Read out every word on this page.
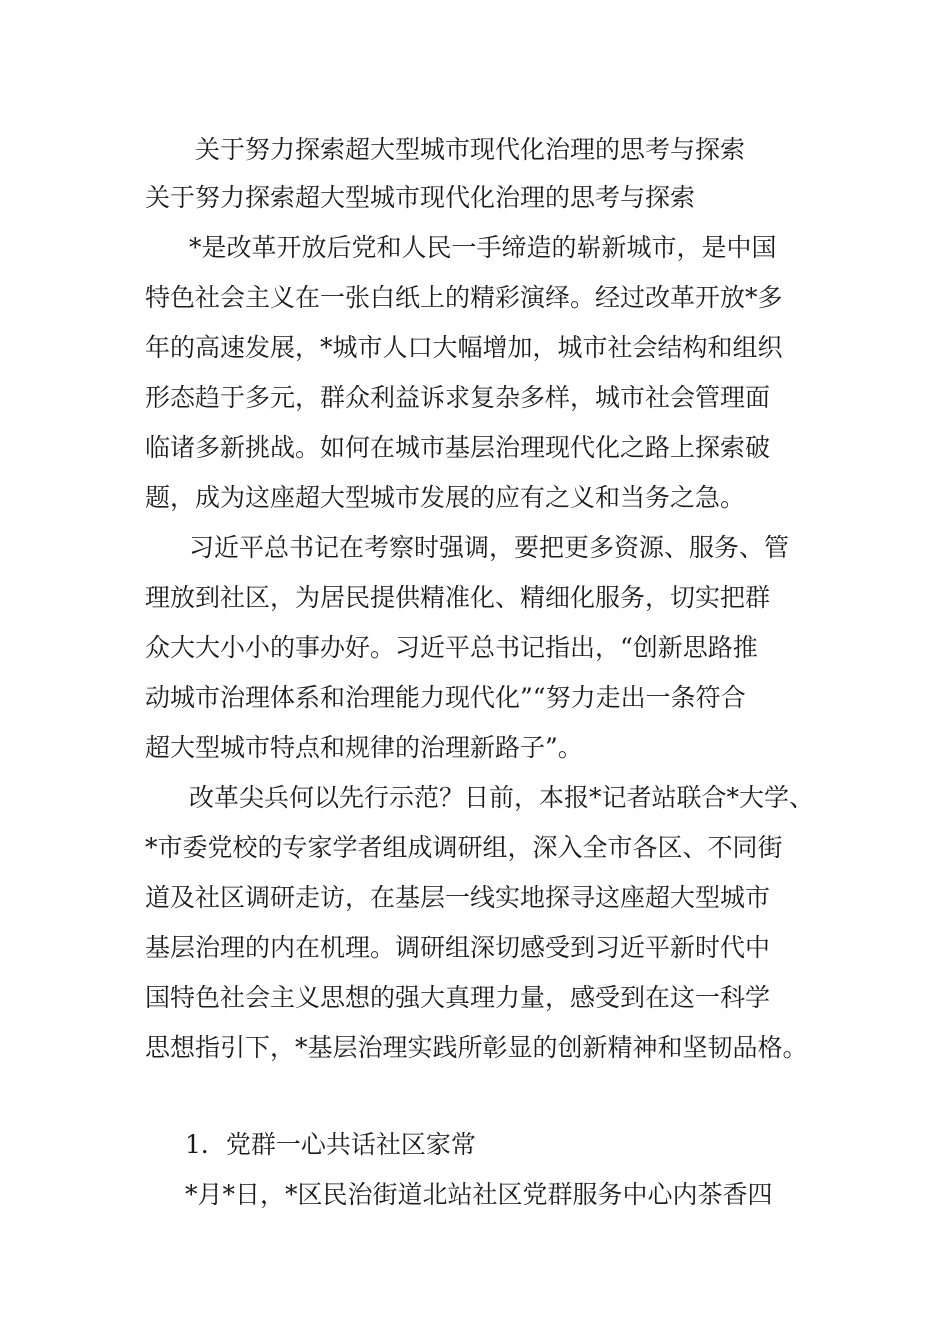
关于努力探索超大型城市现代化治理的思考与探索
关于努力探索超大型城市现代化治理的思考与探索
*是改革开放后党和人民一手缔造的崭新城市，是中国
特色社会主义在一张白纸上的精彩演绎。经过改革开放*多
年的高速发展，*城市人口大幅增加，城市社会结构和组织
形态趋于多元，群众利益诉求复杂多样，城市社会管理面
临诸多新挑战。如何在城市基层治理现代化之路上探索破
题，成为这座超大型城市发展的应有之义和当务之急。
习近平总书记在考察时强调，要把更多资源、服务、管
理放到社区，为居民提供精准化、精细化服务，切实把群
众大大小小的事办好。习近平总书记指出，“创新思路推
动城市治理体系和治理能力现代化”“努力走出一条符合
超大型城市特点和规律的治理新路子”。
改革尖兵何以先行示范？日前，本报*记者站联合*大学、
*市委党校的专家学者组成调研组，深入全市各区、不同街
道及社区调研走访，在基层一线实地探寻这座超大型城市
基层治理的内在机理。调研组深切感受到习近平新时代中
国特色社会主义思想的强大真理力量，感受到在这一科学
思想指引下，*基层治理实践所彰显的创新精神和坚韧品格。
1．党群一心共话社区家常
*月*日，*区民治街道北站社区党群服务中心内茶香四
